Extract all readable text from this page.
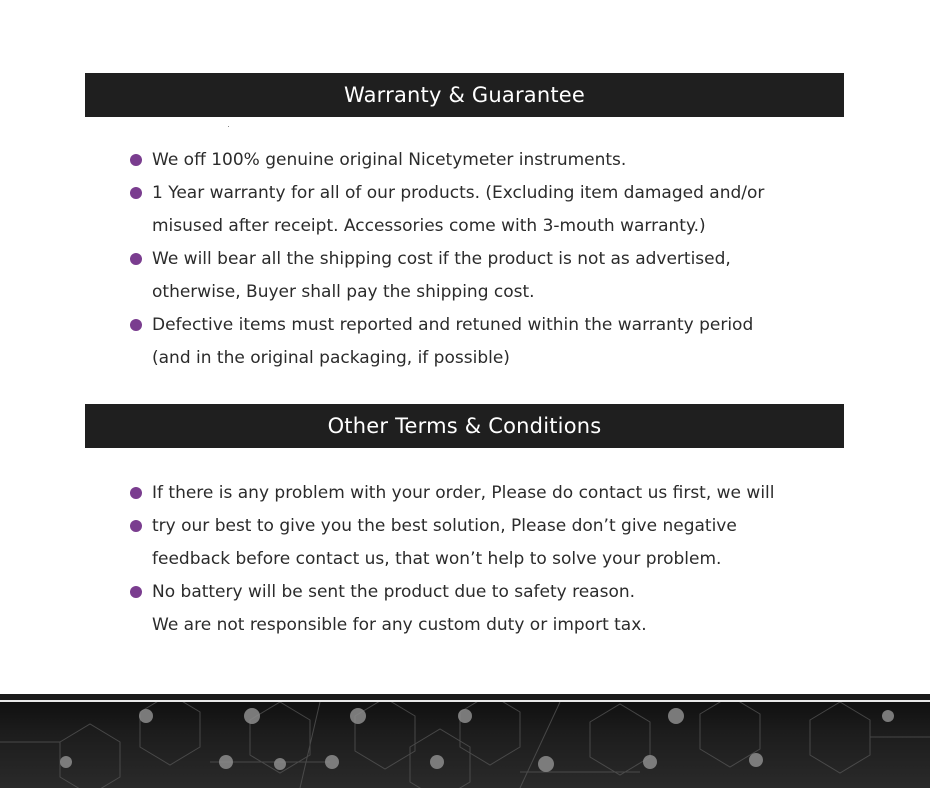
Warranty & Guarantee
We off 100% genuine original Nicetymeter instruments.
1 Year warranty for all of our products. (Excluding item damaged and/or
misused after receipt. Accessories come with 3-mouth warranty.)
We will bear all the shipping cost if the product is not as advertised,
otherwise, Buyer shall pay the shipping cost.
Defective items must reported and retuned within the warranty period
(and in the original packaging, if possible)
Other Terms & Conditions
If there is any problem with your order, Please do contact us first, we will
try our best to give you the best solution, Please don’t give negative
feedback before contact us, that won’t help to solve your problem.
No battery will be sent the product due to safety reason.
We are not responsible for any custom duty or import tax.
